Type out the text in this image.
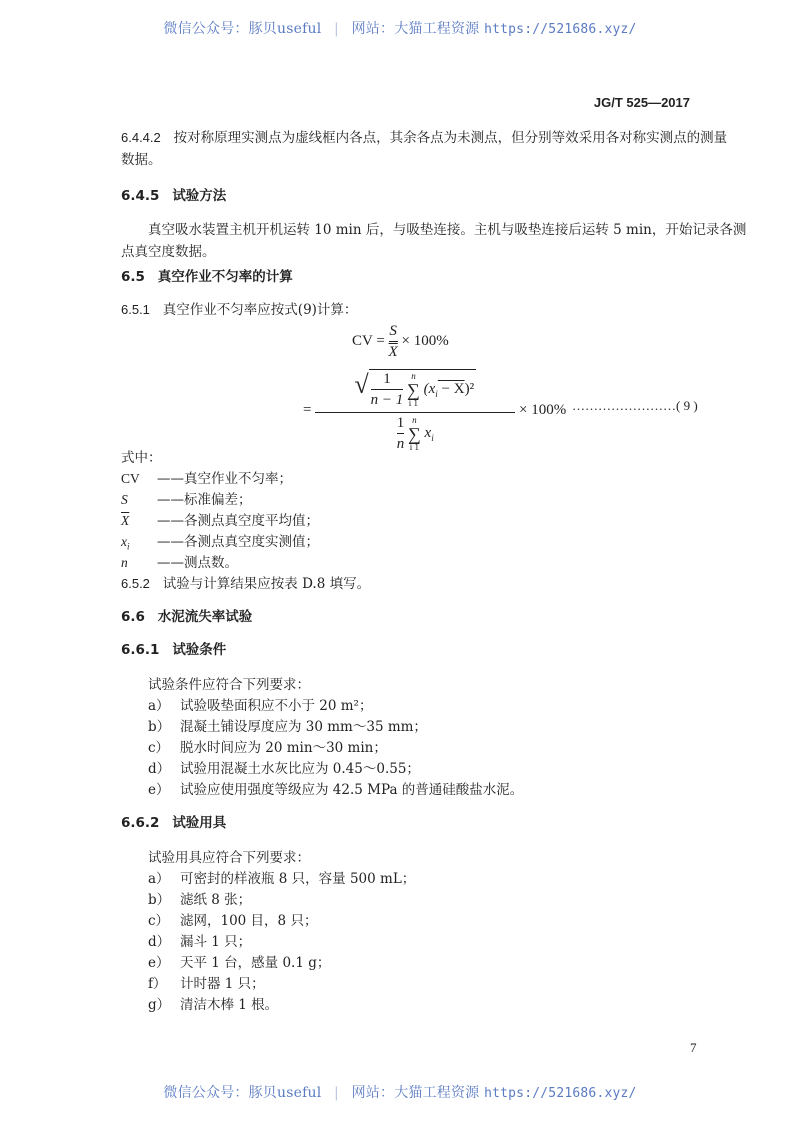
微信公众号：豚贝useful | 网站：大猫工程资源 https://521686.xyz/
JG/T 525—2017
6.4.4.2 按对称原理实测点为虚线框内各点，其余各点为未测点，但分别等效采用各对称实测点的测量
数据。
6.4.5 试验方法
真空吸水装置主机开机运转 10 min 后，与吸垫连接。主机与吸垫连接后运转 5 min，开始记录各测
点真空度数据。
6.5 真空作业不匀率的计算
6.5.1 真空作业不匀率应按式(9)计算：
CV = $\frac{S}{X} \times 100\%$
=
√ $\frac{1}{n - 1}$ n
∑
i 1 $(x_i - X)^2$
$\frac{1}{n}$ n
∑
i 1 $x_i$
× 100% ……………………( 9 )
式中：
CV ——真空作业不匀率；
S ——标准偏差；
$\overline{X}$ ——各测点真空度平均值；
$x_i$ ——各测点真空度实测值；
n ——测点数。
6.5.2 试验与计算结果应按表 D.8 填写。
6.6 水泥流失率试验
6.6.1 试验条件
试验条件应符合下列要求：
a） 试验吸垫面积应不小于 20 m²；
b） 混凝土铺设厚度应为 30 mm～35 mm；
c） 脱水时间应为 20 min～30 min；
d） 试验用混凝土水灰比应为 0.45～0.55；
e） 试验应使用强度等级应为 42.5 MPa 的普通硅酸盐水泥。
6.6.2 试验用具
试验用具应符合下列要求：
a） 可密封的样液瓶 8 只，容量 500 mL；
b） 滤纸 8 张；
c） 滤网，100 目，8 只；
d） 漏斗 1 只；
e） 天平 1 台，感量 0.1 g；
f） 计时器 1 只；
g） 清洁木棒 1 根。
7
微信公众号：豚贝useful | 网站：大猫工程资源 https://521686.xyz/
